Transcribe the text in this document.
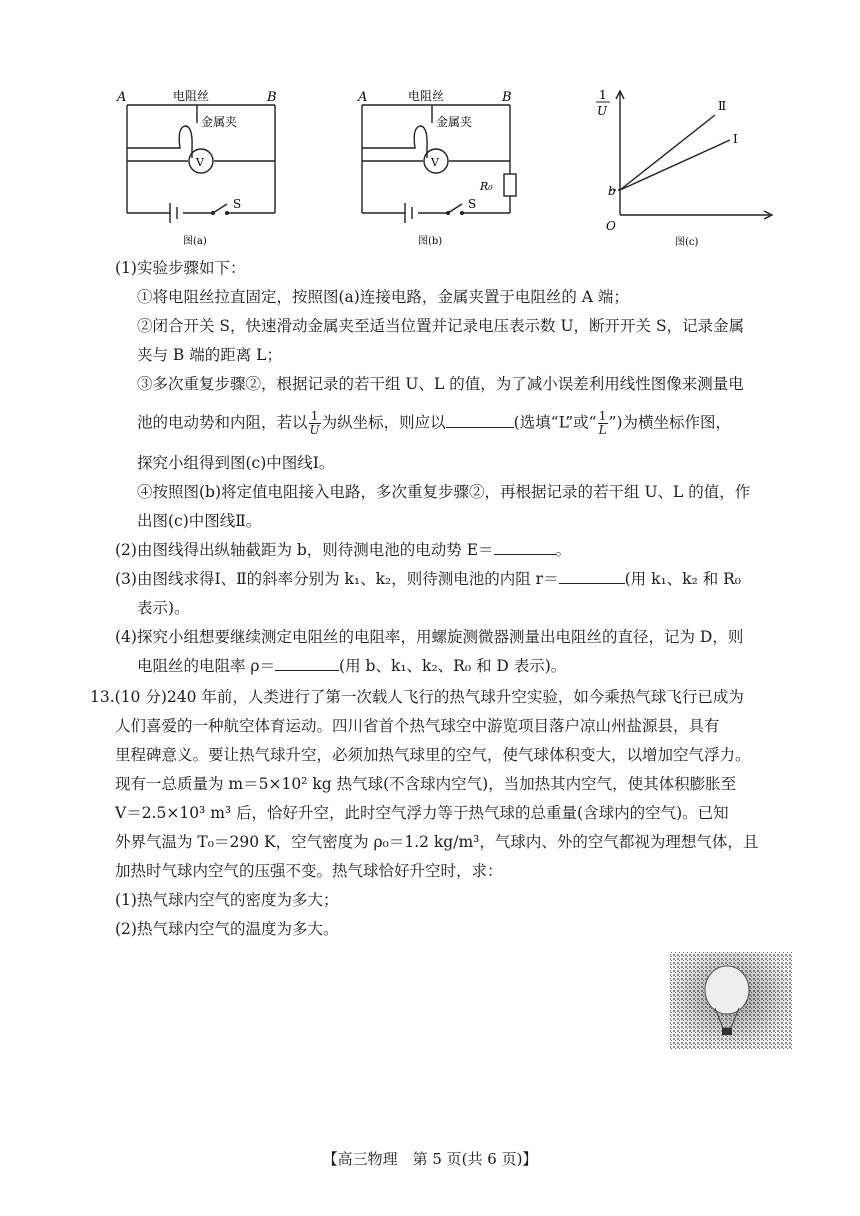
A	B
电阻丝
金属夹
V
S
图(a)
A	B
电阻丝
金属夹
V
R₀
S
图(b)
1
U
O
b
Ⅱ
I
图(c)
(1)实验步骤如下：
①将电阻丝拉直固定，按照图(a)连接电路，金属夹置于电阻丝的 A 端；
②闭合开关 S，快速滑动金属夹至适当位置并记录电压表示数 U，断开开关 S，记录金属
夹与 B 端的距离 L；
③多次重复步骤②，根据记录的若干组 U、L 的值，为了减小误差利用线性图像来测量电
池的电动势和内阻，若以 $\frac{1}{U}$ 为纵坐标，则应以	(选填“L”或“ $\frac{1}{L}$ ”)为横坐标作图，
探究小组得到图(c)中图线Ⅰ。
④按照图(b)将定值电阻接入电路，多次重复步骤②，再根据记录的若干组 U、L 的值，作
出图(c)中图线Ⅱ。
(2)由图线得出纵轴截距为 b，则待测电池的电动势 E＝	。
(3)由图线求得Ⅰ、Ⅱ的斜率分别为 k₁、k₂，则待测电池的内阻 r＝	(用 k₁、k₂ 和 R₀
表示)。
(4)探究小组想要继续测定电阻丝的电阻率，用螺旋测微器测量出电阻丝的直径，记为 D，则
电阻丝的电阻率 ρ＝	(用 b、k₁、k₂、R₀ 和 D 表示)。
13.(10 分)240 年前，人类进行了第一次载人飞行的热气球升空实验，如今乘热气球飞行已成为
人们喜爱的一种航空体育运动。四川省首个热气球空中游览项目落户凉山州盐源县，具有
里程碑意义。要让热气球升空，必须加热气球里的空气，使气球体积变大，以增加空气浮力。
现有一总质量为 m＝5×10² kg 热气球(不含球内空气)，当加热其内空气，使其体积膨胀至
V＝2.5×10³ m³ 后，恰好升空，此时空气浮力等于热气球的总重量(含球内的空气)。已知
外界气温为 T₀＝290 K，空气密度为 ρ₀＝1.2 kg/m³，气球内、外的空气都视为理想气体，且
加热时气球内空气的压强不变。热气球恰好升空时，求：
(1)热气球内空气的密度为多大；
(2)热气球内空气的温度为多大。
【高三物理　第 5 页(共 6 页)】
